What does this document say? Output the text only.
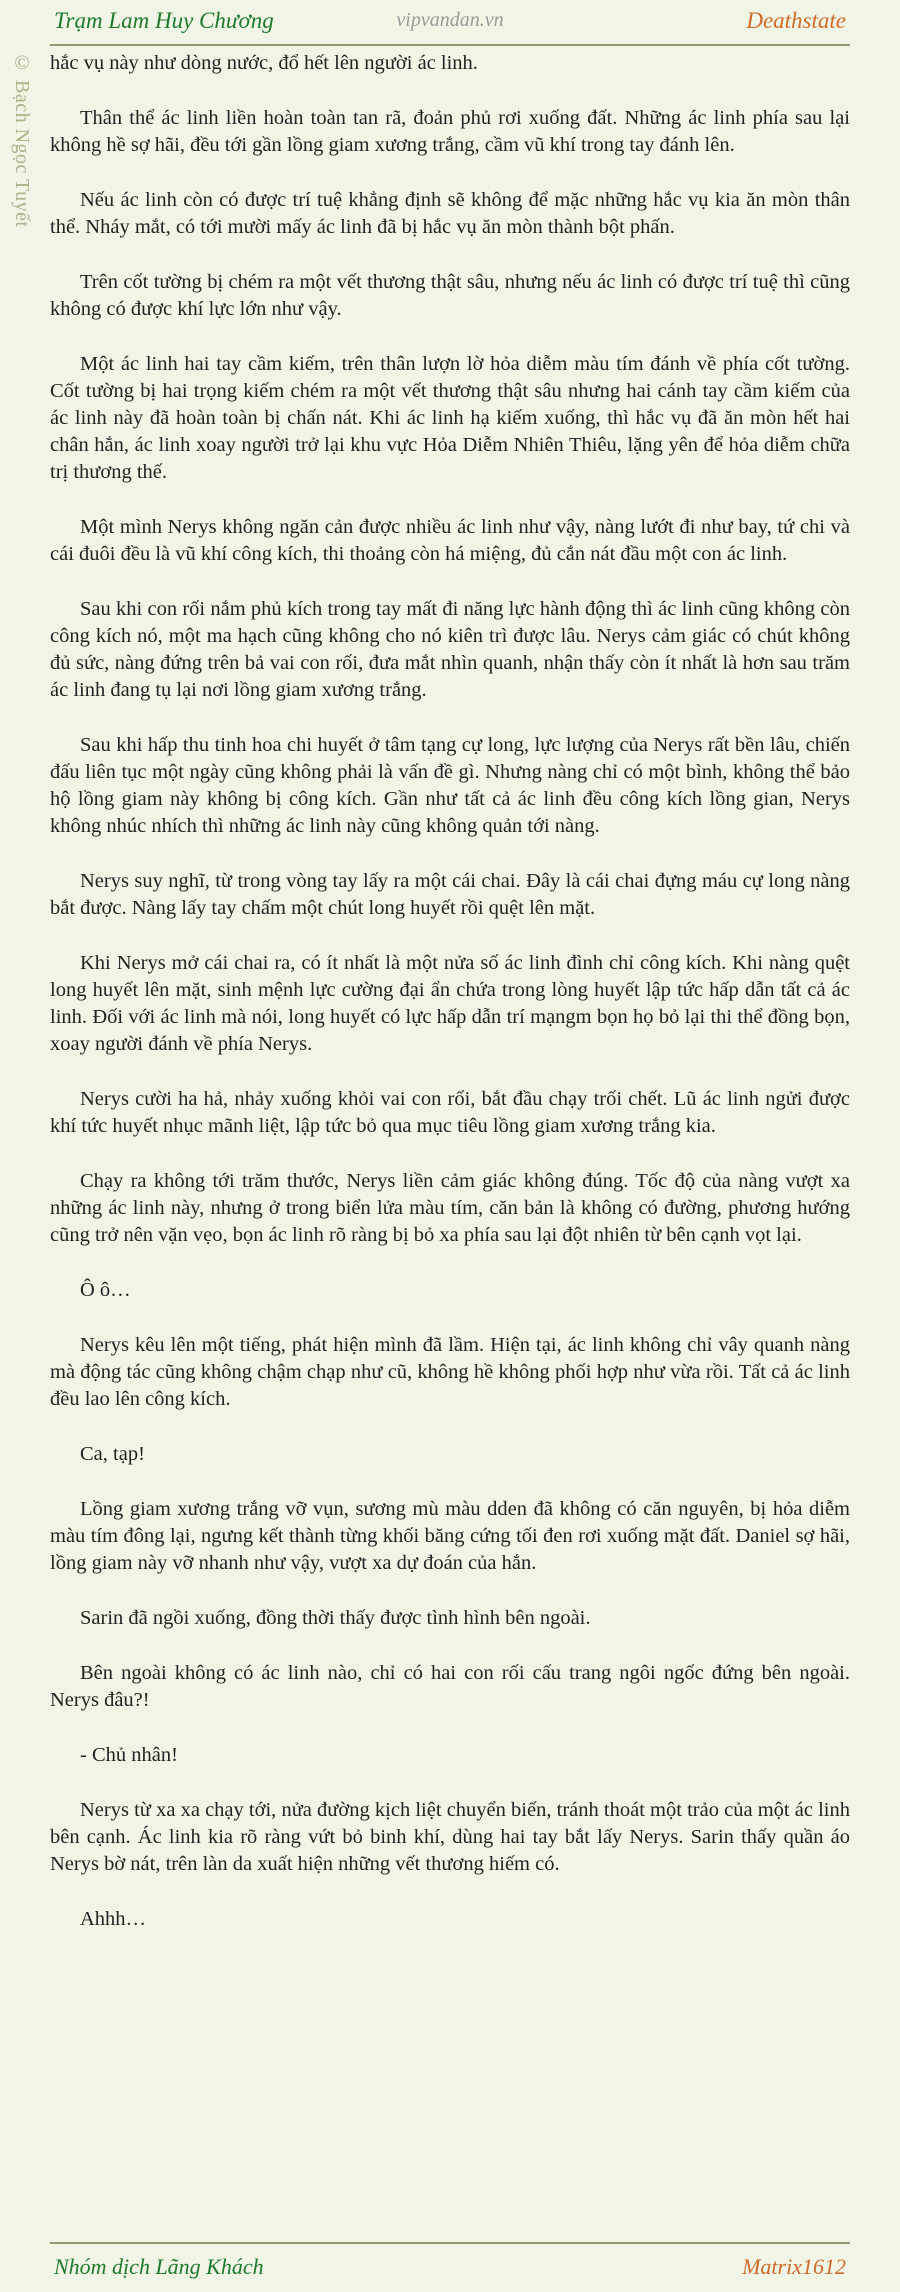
Trạm Lam Huy Chương	vipvandan.vn	Deathstate
© Bạch Ngọc Tuyết hắc vụ này như dòng nước, đổ hết lên người ác linh.

Thân thể ác linh liền hoàn toàn tan rã, đoản phủ rơi xuống đất. Những ác linh phía sau lại không hề sợ hãi, đều tới gần lồng giam xương trắng, cầm vũ khí trong tay đánh lên.

Nếu ác linh còn có được trí tuệ khẳng định sẽ không để mặc những hắc vụ kia ăn mòn thân thể. Nháy mắt, có tới mười mấy ác linh đã bị hắc vụ ăn mòn thành bột phấn.

Trên cốt tường bị chém ra một vết thương thật sâu, nhưng nếu ác linh có được trí tuệ thì cũng không có được khí lực lớn như vậy.

Một ác linh hai tay cầm kiếm, trên thân lượn lờ hỏa diễm màu tím đánh về phía cốt tường. Cốt tường bị hai trọng kiếm chém ra một vết thương thật sâu nhưng hai cánh tay cầm kiếm của ác linh này đã hoàn toàn bị chấn nát. Khi ác linh hạ kiếm xuống, thì hắc vụ đã ăn mòn hết hai chân hắn, ác linh xoay người trở lại khu vực Hỏa Diễm Nhiên Thiêu, lặng yên để hỏa diễm chữa trị thương thế.

Một mình Nerys không ngăn cản được nhiều ác linh như vậy, nàng lướt đi như bay, tứ chi và cái đuôi đều là vũ khí công kích, thi thoảng còn há miệng, đủ cắn nát đầu một con ác linh.

Sau khi con rối nắm phủ kích trong tay mất đi năng lực hành động thì ác linh cũng không còn công kích nó, một ma hạch cũng không cho nó kiên trì được lâu. Nerys cảm giác có chút không đủ sức, nàng đứng trên bả vai con rối, đưa mắt nhìn quanh, nhận thấy còn ít nhất là hơn sau trăm ác linh đang tụ lại nơi lồng giam xương trắng.

Sau khi hấp thu tinh hoa chi huyết ở tâm tạng cự long, lực lượng của Nerys rất bền lâu, chiến đấu liên tục một ngày cũng không phải là vấn đề gì. Nhưng nàng chỉ có một bình, không thể bảo hộ lồng giam này không bị công kích. Gần như tất cả ác linh đều công kích lồng gian, Nerys không nhúc nhích thì những ác linh này cũng không quản tới nàng.

Nerys suy nghĩ, từ trong vòng tay lấy ra một cái chai. Đây là cái chai đựng máu cự long nàng bắt được. Nàng lấy tay chấm một chút long huyết rồi quệt lên mặt.

Khi Nerys mở cái chai ra, có ít nhất là một nửa số ác linh đình chỉ công kích. Khi nàng quệt long huyết lên mặt, sinh mệnh lực cường đại ẩn chứa trong lòng huyết lập tức hấp dẫn tất cả ác linh. Đối với ác linh mà nói, long huyết có lực hấp dẫn trí mạngm bọn họ bỏ lại thi thể đồng bọn, xoay người đánh về phía Nerys.

Nerys cười ha hả, nhảy xuống khỏi vai con rối, bắt đầu chạy trối chết. Lũ ác linh ngửi được khí tức huyết nhục mãnh liệt, lập tức bỏ qua mục tiêu lồng giam xương trắng kia.

Chạy ra không tới trăm thước, Nerys liền cảm giác không đúng. Tốc độ của nàng vượt xa những ác linh này, nhưng ở trong biển lửa màu tím, căn bản là không có đường, phương hướng cũng trở nên vặn vẹo, bọn ác linh rõ ràng bị bỏ xa phía sau lại đột nhiên từ bên cạnh vọt lại.

Ô ô…

Nerys kêu lên một tiếng, phát hiện mình đã lầm. Hiện tại, ác linh không chỉ vây quanh nàng mà động tác cũng không chậm chạp như cũ, không hề không phối hợp như vừa rồi. Tất cả ác linh đều lao lên công kích.

Ca, tạp!

Lồng giam xương trắng vỡ vụn, sương mù màu dden đã không có căn nguyên, bị hỏa diễm màu tím đông lại, ngưng kết thành từng khối băng cứng tối đen rơi xuống mặt đất. Daniel sợ hãi, lồng giam này vỡ nhanh như vậy, vượt xa dự đoán của hắn.

Sarin đã ngồi xuống, đồng thời thấy được tình hình bên ngoài.

Bên ngoài không có ác linh nào, chỉ có hai con rối cấu trang ngôi ngốc đứng bên ngoài. Nerys đâu?!

- Chủ nhân!

Nerys từ xa xa chạy tới, nửa đường kịch liệt chuyển biến, tránh thoát một trảo của một ác linh bên cạnh. Ác linh kia rõ ràng vứt bỏ binh khí, dùng hai tay bắt lấy Nerys. Sarin thấy quần áo Nerys bờ nát, trên làn da xuất hiện những vết thương hiếm có.

Ahhh…

Nhóm dịch Lãng Khách	Matrix1612
